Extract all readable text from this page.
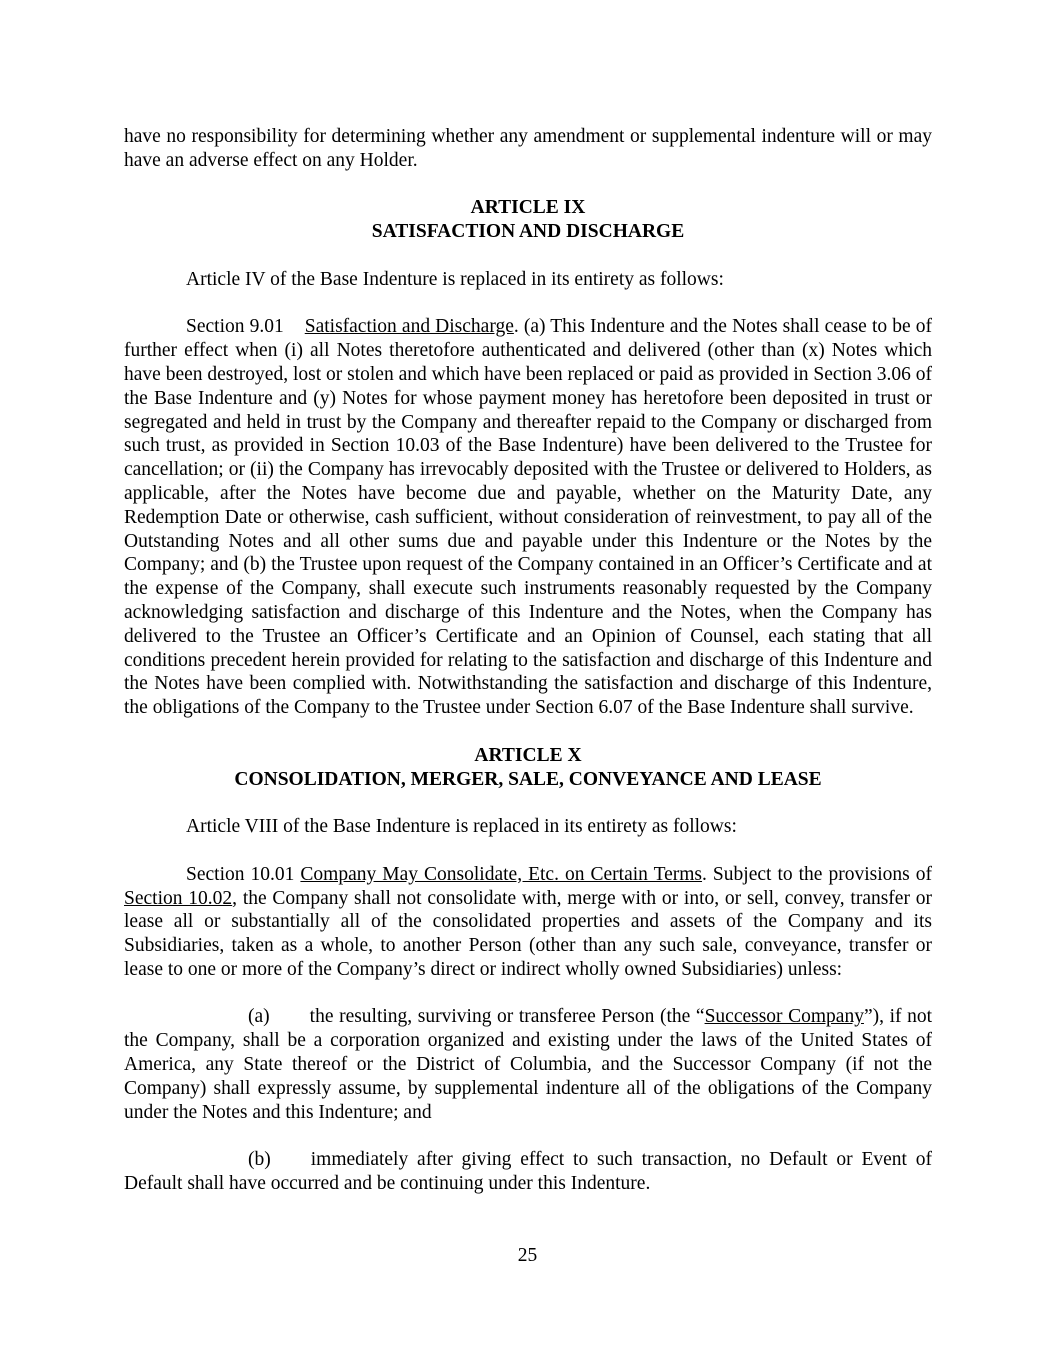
have no responsibility for determining whether any amendment or supplemental indenture will or may have an adverse effect on any Holder.

ARTICLE IX
SATISFACTION AND DISCHARGE

Article IV of the Base Indenture is replaced in its entirety as follows:

Section 9.01 Satisfaction and Discharge. (a) This Indenture and the Notes shall cease to be of further effect when (i) all Notes theretofore authenticated and delivered (other than (x) Notes which have been destroyed, lost or stolen and which have been replaced or paid as provided in Section 3.06 of the Base Indenture and (y) Notes for whose payment money has heretofore been deposited in trust or segregated and held in trust by the Company and thereafter repaid to the Company or discharged from such trust, as provided in Section 10.03 of the Base Indenture) have been delivered to the Trustee for cancellation; or (ii) the Company has irrevocably deposited with the Trustee or delivered to Holders, as applicable, after the Notes have become due and payable, whether on the Maturity Date, any Redemption Date or otherwise, cash sufficient, without consideration of reinvestment, to pay all of the Outstanding Notes and all other sums due and payable under this Indenture or the Notes by the Company; and (b) the Trustee upon request of the Company contained in an Officer’s Certificate and at the expense of the Company, shall execute such instruments reasonably requested by the Company acknowledging satisfaction and discharge of this Indenture and the Notes, when the Company has delivered to the Trustee an Officer’s Certificate and an Opinion of Counsel, each stating that all conditions precedent herein provided for relating to the satisfaction and discharge of this Indenture and the Notes have been complied with. Notwithstanding the satisfaction and discharge of this Indenture, the obligations of the Company to the Trustee under Section 6.07 of the Base Indenture shall survive.

ARTICLE X
CONSOLIDATION, MERGER, SALE, CONVEYANCE AND LEASE

Article VIII of the Base Indenture is replaced in its entirety as follows:

Section 10.01 Company May Consolidate, Etc. on Certain Terms. Subject to the provisions of Section 10.02, the Company shall not consolidate with, merge with or into, or sell, convey, transfer or lease all or substantially all of the consolidated properties and assets of the Company and its Subsidiaries, taken as a whole, to another Person (other than any such sale, conveyance, transfer or lease to one or more of the Company’s direct or indirect wholly owned Subsidiaries) unless:

(a) the resulting, surviving or transferee Person (the “Successor Company”), if not the Company, shall be a corporation organized and existing under the laws of the United States of America, any State thereof or the District of Columbia, and the Successor Company (if not the Company) shall expressly assume, by supplemental indenture all of the obligations of the Company under the Notes and this Indenture; and

(b) immediately after giving effect to such transaction, no Default or Event of Default shall have occurred and be continuing under this Indenture.

25
